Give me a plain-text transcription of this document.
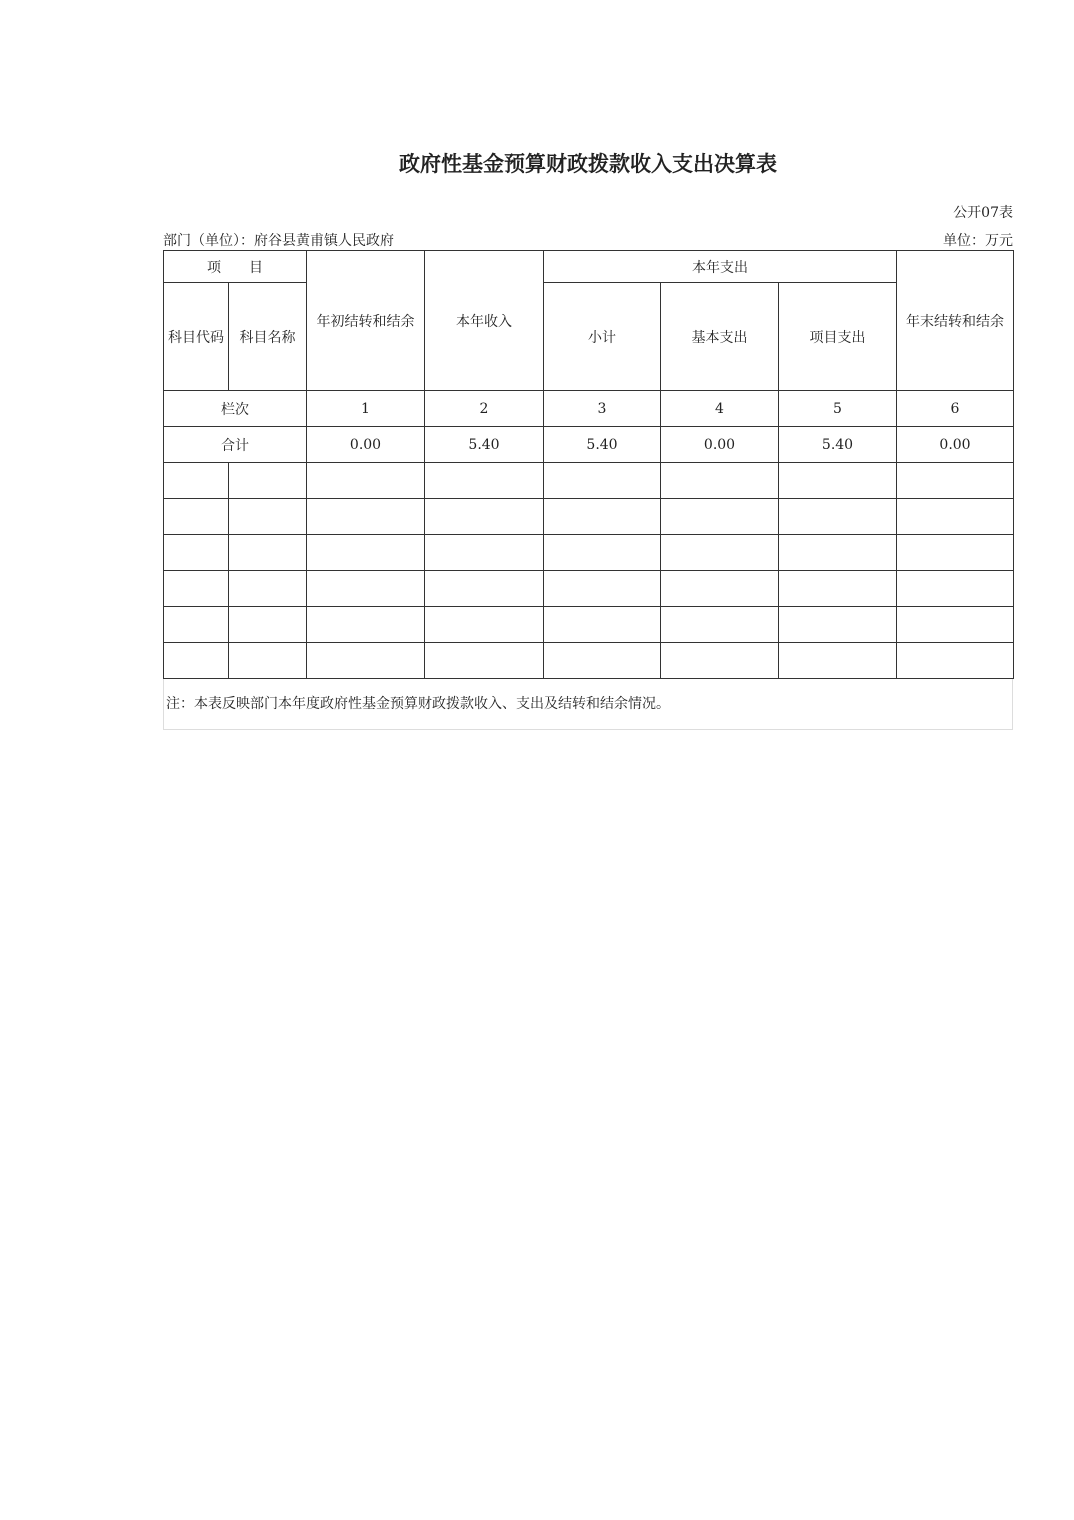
政府性基金预算财政拨款收入支出决算表
公开07表
部门（单位）：府谷县黄甫镇人民政府	单位：万元
项　　目		年初结转和结余	本年收入	本年支出			年末结转和结余
科目代码	科目名称			小计	基本支出	项目支出	
栏次		1	2	3	4	5	6
合计		0.00	5.40	5.40	0.00	5.40	0.00

注：本表反映部门本年度政府性基金预算财政拨款收入、支出及结转和结余情况。
